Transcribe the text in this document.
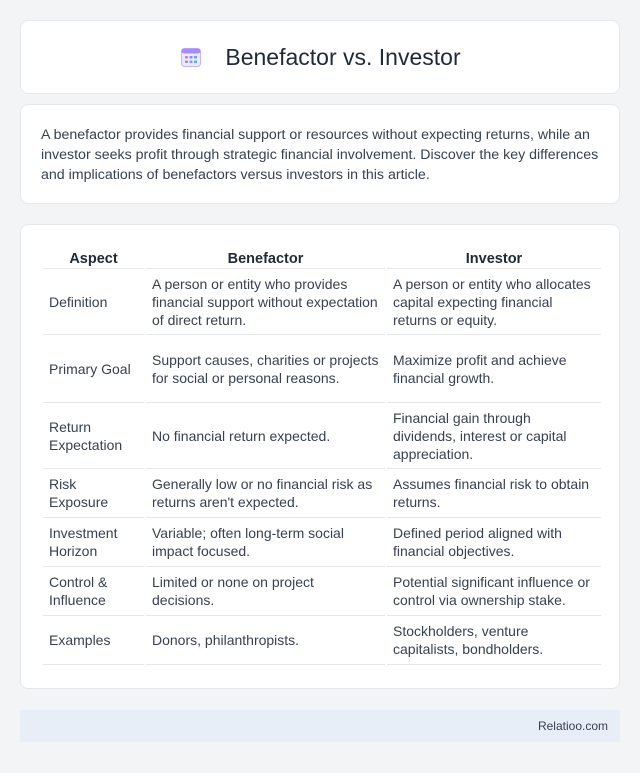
Benefactor vs. Investor

A benefactor provides financial support or resources without expecting returns, while an investor seeks profit through strategic financial involvement. Discover the key differences and implications of benefactors versus investors in this article.

Aspect	Benefactor	Investor
Definition	A person or entity who provides financial support without expectation of direct return.	A person or entity who allocates capital expecting financial returns or equity.
Primary Goal	Support causes, charities or projects for social or personal reasons.	Maximize profit and achieve financial growth.
Return Expectation	No financial return expected.	Financial gain through dividends, interest or capital appreciation.
Risk Exposure	Generally low or no financial risk as returns aren't expected.	Assumes financial risk to obtain returns.
Investment Horizon	Variable; often long-term social impact focused.	Defined period aligned with financial objectives.
Control & Influence	Limited or none on project decisions.	Potential significant influence or control via ownership stake.
Examples	Donors, philanthropists.	Stockholders, venture capitalists, bondholders.
Relatioo.com
